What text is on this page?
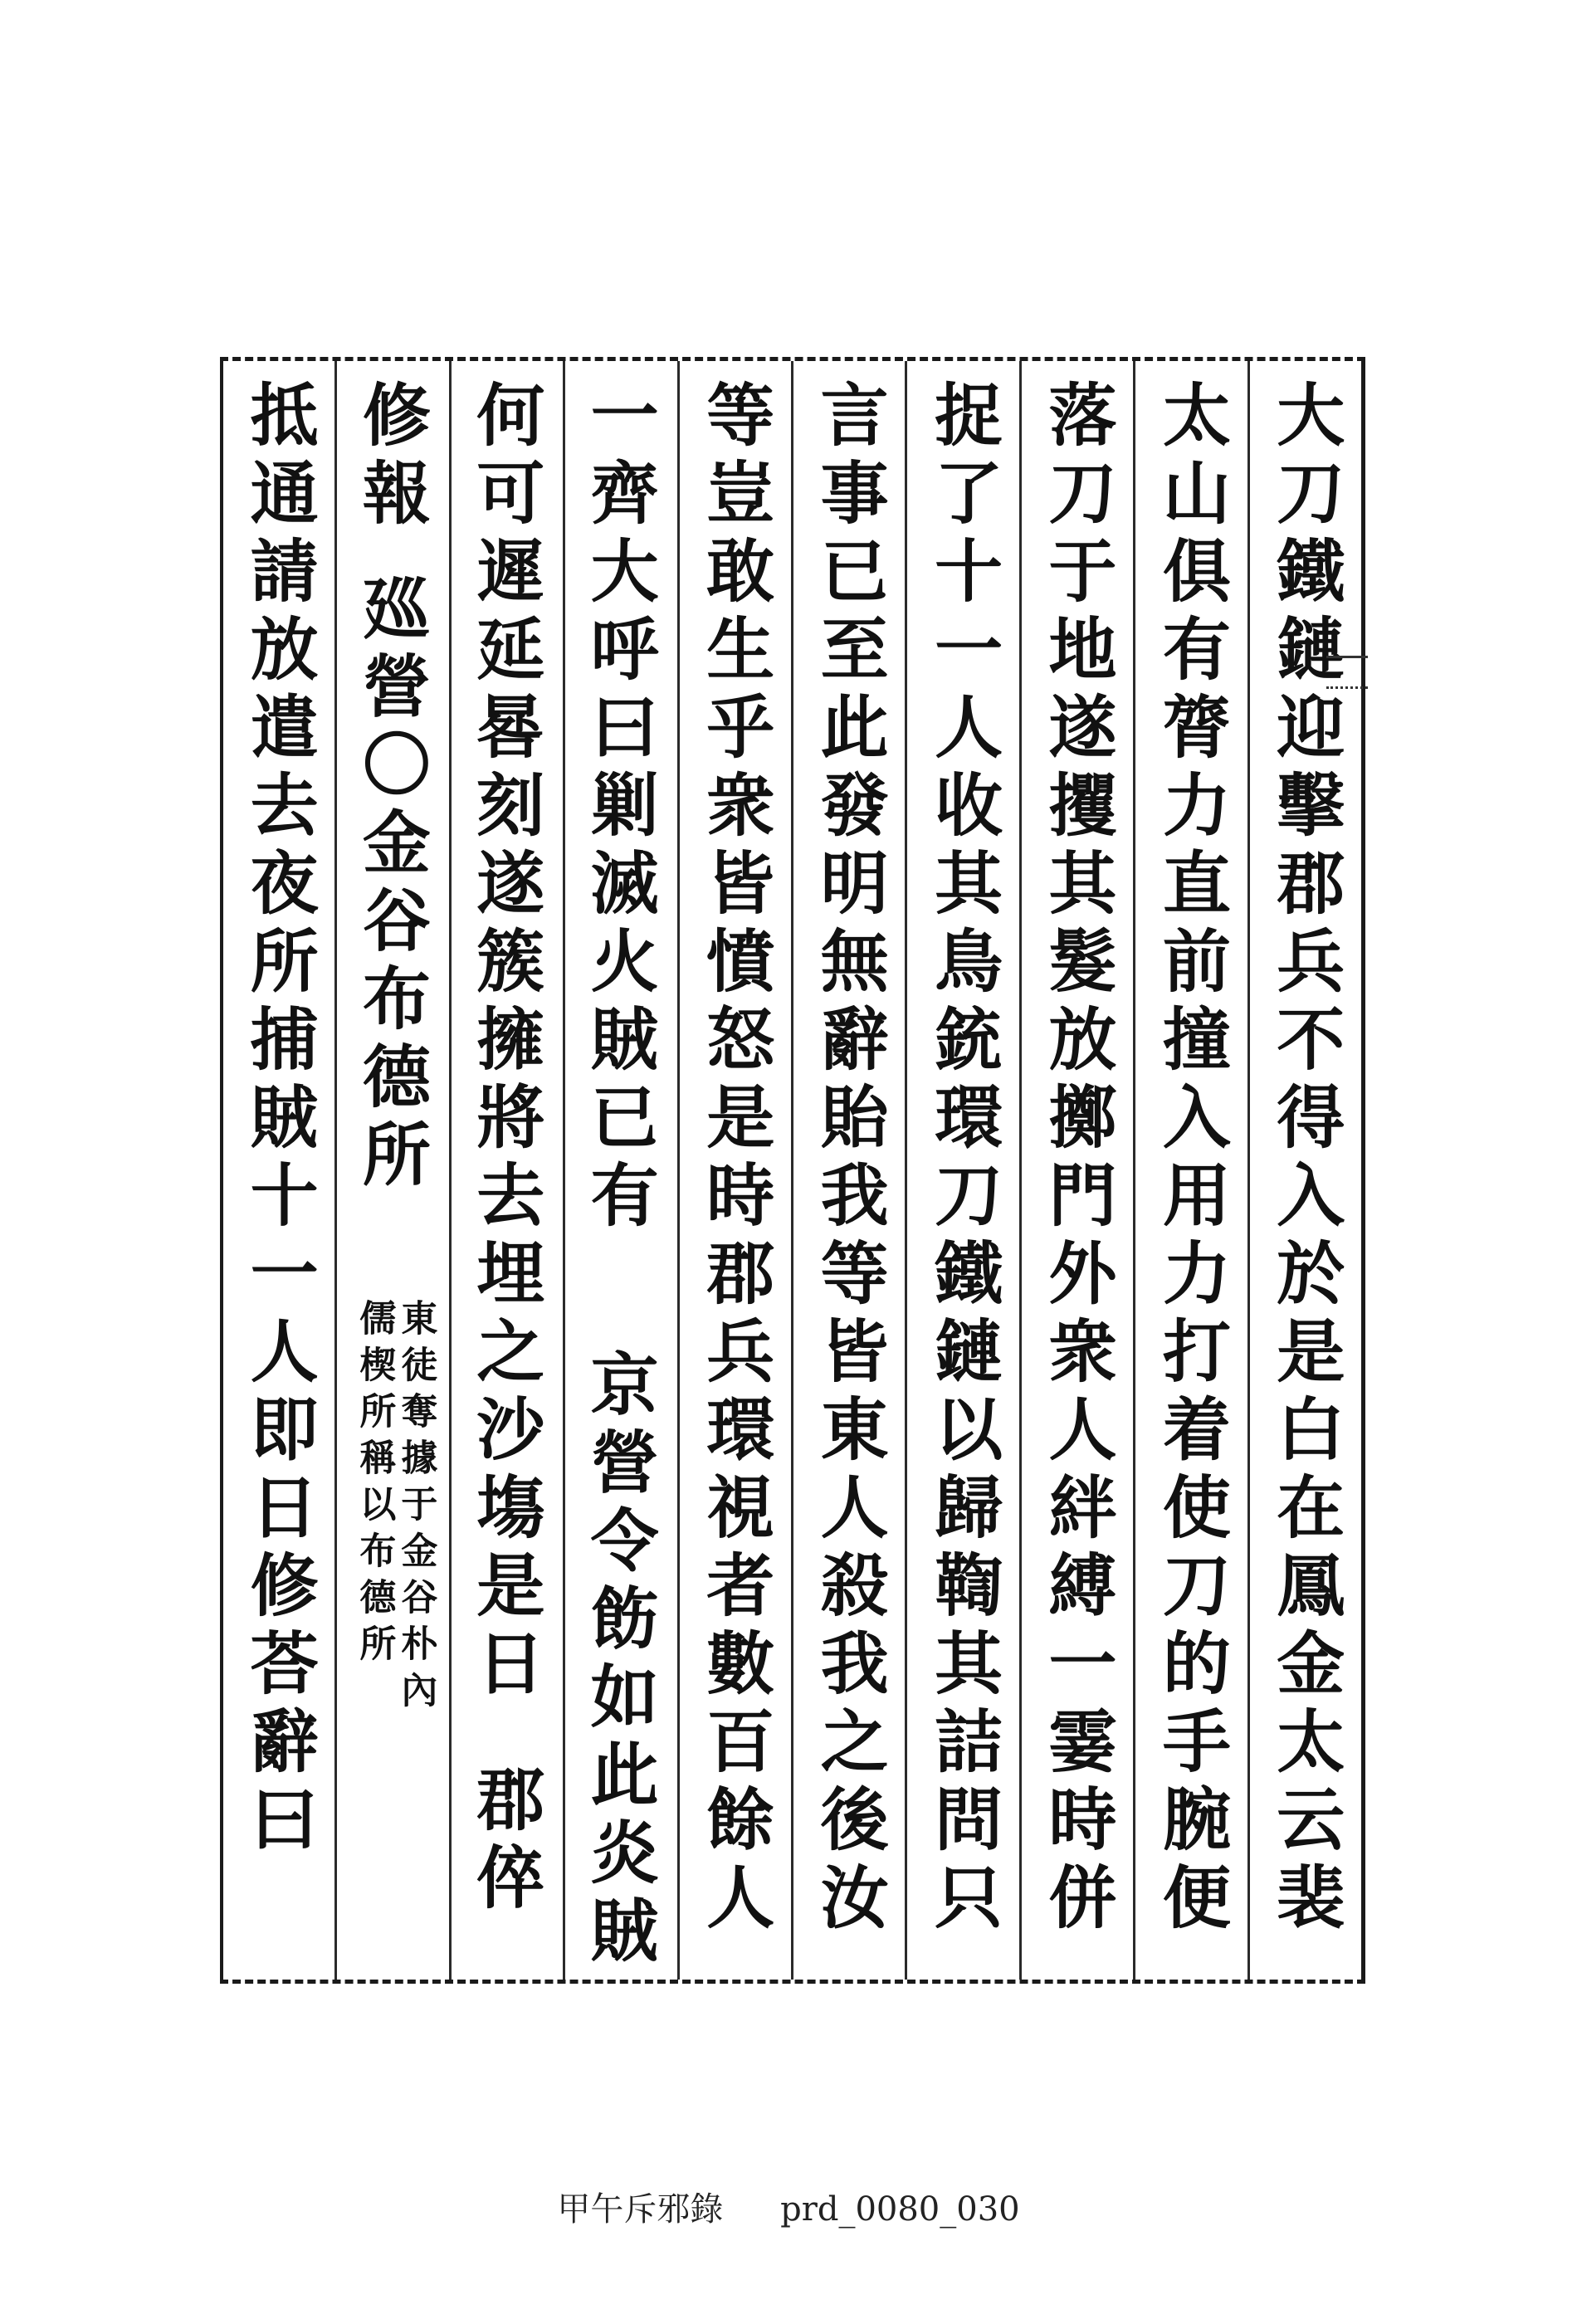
大刀鐵鏈迎擊郡兵不得入於是白在鳳金太云裴
太山俱有膂力直前撞入用力打着使刀的手腕便
落刀于地遂攫其髮放擲門外衆人絆縛一霎時併
捉了十一人收其鳥銃環刀鐵鏈以歸鞫其詰問只
言事已至此發明無辭貽我等皆東人殺我之後汝
等豈敢生乎衆皆憤怒是時郡兵環視者數百餘人
一齊大呼曰剿滅火賊已有
京營令飭如此炎賊
何可遲延晷刻遂簇擁將去埋之沙塲是日
郡倅
修報
廵營〇金谷布德所
東徒奪據于金谷朴內
儒楔所稱以布德所
抵通請放遣去夜所捕賊十一人即日修荅辭曰
甲午斥邪錄 prd_0080_030
